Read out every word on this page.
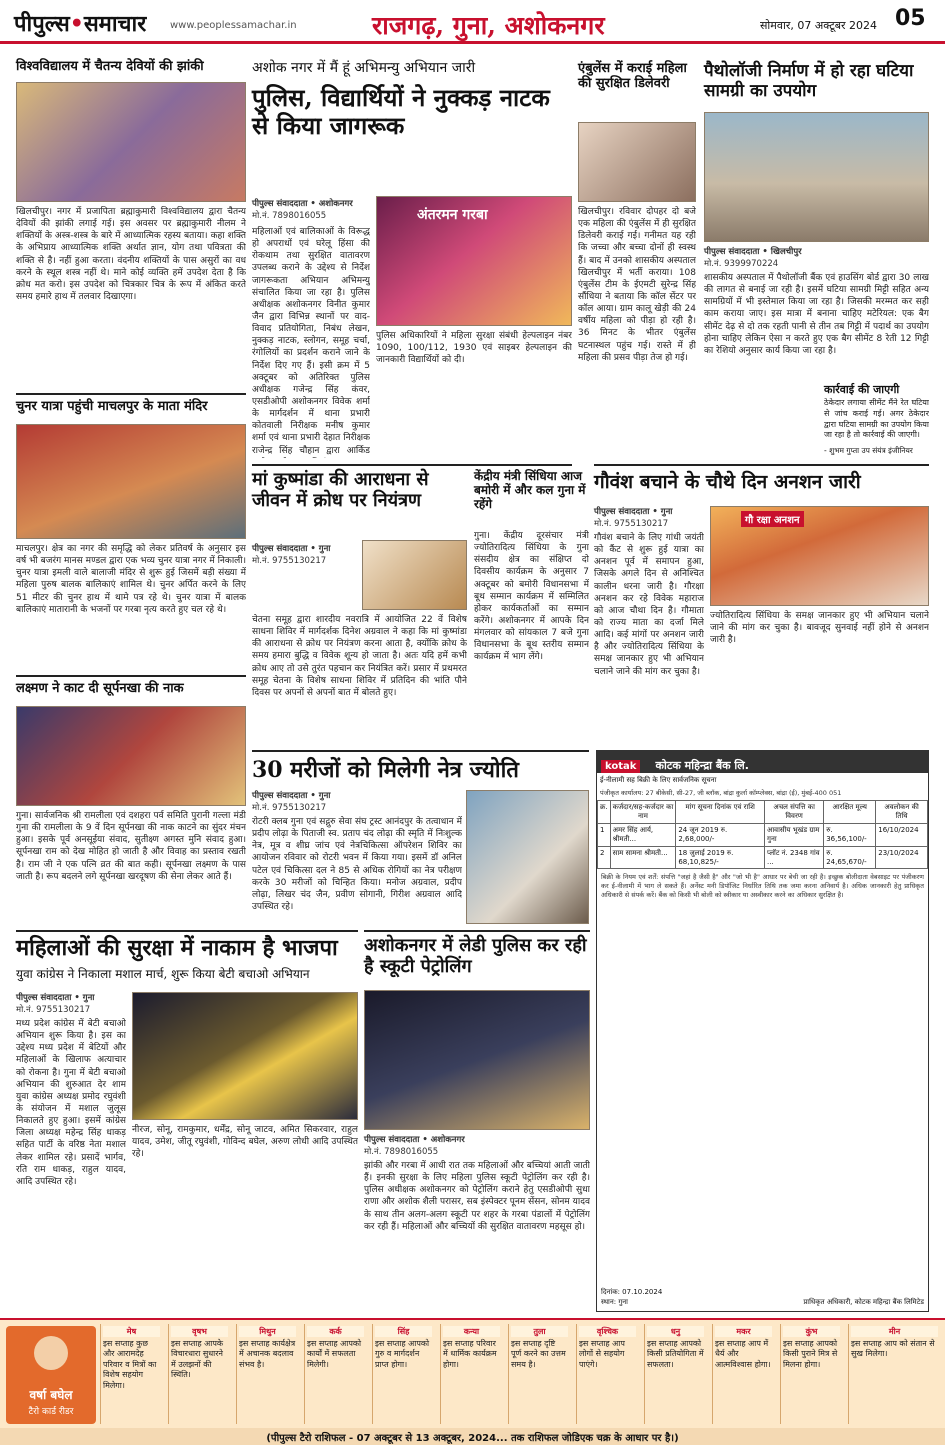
पीपुल्स•समाचार www.peoplessamachar.in	राजगढ़, गुना, अशोकनगर	सोमवार, 07 अक्टूबर 2024 05
विश्वविद्यालय में चैतन्य देवियों की झांकी
खिलचीपुर। नगर में प्रजापिता ब्रह्माकुमारी विश्वविद्यालय द्वारा चैतन्य देवियों की झांकी लगाई गई। इस अवसर पर ब्रह्माकुमारी नीलम ने शक्तियों के अस्त्र-शस्त्र के बारे में आध्यात्मिक रहस्य बताया। कहा शक्ति के अभिप्राय आध्यात्मिक शक्ति अर्थात ज्ञान, योग तथा पवित्रता की शक्ति से है। नहीं हुआ करता। वंदनीय शक्तियों के पास असुरों का वध करने के स्थूल शस्त्र नहीं थे। माने कोई व्यक्ति हमें उपदेश देता है कि क्रोध मत करो। इस उपदेश को चित्रकार चित्र के रूप में अंकित करते समय हमारे हाथ में तलवार दिखाएगा।
चुनर यात्रा पहुंची माचलपुर के माता मंदिर
माचलपुर। क्षेत्र का नगर की समृद्धि को लेकर प्रतिवर्ष के अनुसार इस वर्ष भी बजरंग मानस मण्डल द्वारा एक भव्य चुनर यात्रा नगर में निकाली। चुनर यात्रा इमली वाले बालाजी मंदिर से शुरू हुई जिसमें बड़ी संख्या में महिला पुरुष बालक बालिकाएं शामिल थे। चुनर अर्पित करने के लिए 51 मीटर की चुनर हाथ में थामे पत्र रहे थे। चुनर यात्रा में बालक बालिकाएं मातारानी के भजनों पर गरबा नृत्य करते हुए चल रहे थे।
लक्ष्मण ने काट दी सूर्पनखा की नाक
गुना। सार्वजनिक श्री रामलीला एवं दशहरा पर्व समिति पुरानी गल्ला मंडी गुना की रामलीला के 9 वें दिन सूर्पनखा की नाक काटने का सुंदर मंचन हुआ। इसके पूर्व अनसूईया संवाद, सुतीक्ष्ण अगस्त मुनि संवाद हुआ। सूर्पनखा राम को देख मोहित हो जाती है और विवाह का प्रस्ताव रखती है। राम जी ने एक पत्नि व्रत की बात कही। सूर्पनखा लक्ष्मण के पास जाती है। रूप बदलने लगे सूर्पनखा खरदूषण की सेना लेकर आते हैं।
अशोक नगर में मैं हूं अभिमन्यु अभियान जारी
पुलिस, विद्यार्थियों ने नुक्कड़ नाटक से किया जागरूक
पीपुल्स संवाददाता • अशोकनगर
मो.नं. 7898016055
महिलाओं एवं बालिकाओं के विरूद्ध हो अपराधों एवं घरेलू हिंसा की रोकथाम तथा सुरक्षित वातावरण उपलब्ध कराने के उद्देश्य से निर्देश जागरूकता अभियान अभिमन्यु संचालित किया जा रहा है। पुलिस अधीक्षक अशोकनगर विनीत कुमार जैन द्वारा विभिन्न स्थानों पर वाद-विवाद प्रतियोगिता, निबंध लेखन, नुक्कड़ नाटक, स्लोगन, समूह चर्चा, रंगोलियों का प्रदर्शन कराने जाने के निर्देश दिए गए हैं। इसी क्रम में 5 अक्टूबर को अतिरिक्त पुलिस अधीक्षक गजेन्द्र सिंह कंवर, एसडीओपी अशोकनगर विवेक शर्मा के मार्गदर्शन में थाना प्रभारी कोतवाली निरीक्षक मनीष कुमार शर्मा एवं थाना प्रभारी देहात निरीक्षक राजेन्द्र सिंह चौहान द्वारा आर्किड
अंतरमन गरबा
पुलिस अधिकारियों ने महिला सुरक्षा संबंधी हेल्पलाइन नंबर 1090, 100/112, 1930 एवं साइबर हेल्पलाइन की जानकारी विद्यार्थियों को दी।
एंबुलेंस में कराई महिला की सुरक्षित डिलेवरी
खिलचीपुर। रविवार दोपहर दो बजे एक महिला की एंबुलेंस में ही सुरक्षित डिलेवरी कराई गई। गनीमत यह रही कि जच्चा और बच्चा दोनों ही स्वस्थ हैं। बाद में उनको शासकीय अस्पताल खिलचीपुर में भर्ती कराया। 108 एंबुलेंस टीम के ईएमटी सुरेन्द्र सिंह सौंधिया ने बताया कि कॉल सेंटर पर कॉल आया। ग्राम कालू खेड़ी की 24 वर्षीय महिला को पीड़ा हो रही है। 36 मिनट के भीतर एंबुलेंस घटनास्थल पहुंच गई। रास्ते में ही महिला की प्रसव पीड़ा तेज हो गई।
पैथोलॉजी निर्माण में हो रहा घटिया सामग्री का उपयोग
पीपुल्स संवाददाता • खिलचीपुर
मो.नं. 9399970224
शासकीय अस्पताल में पैथोलॉजी बैंक एवं हाउसिंग बोर्ड द्वारा 30 लाख की लागत से बनाई जा रही है। इसमें घटिया सामग्री मिट्टी सहित अन्य सामग्रियों में भी इस्तेमाल किया जा रहा है। जिसकी मरम्मत कर सही काम कराया जाए। इस मात्रा में बनाना चाहिए मटेरियल: एक बैग सीमेंट देढ़ से दो तक रहती पानी से तीन तब गिट्टी में पदार्थ का उपयोग होना चाहिए लेकिन ऐसा न करते हुए एक बैग सीमेंट 8 रेती 12 गिट्टी का रेशियो अनुसार कार्य किया जा रहा है।
कार्रवाई की जाएगी
ठेकेदार लगाया सीमेंट मैंने रेत घटिया से जांच कराई गई। अगर ठेकेदार द्वारा घटिया सामग्री का उपयोग किया जा रहा है तो कार्रवाई की जाएगी।
- शुभम गुप्ता उप संयंत्र इंजीनियर
मां कुष्मांडा की आराधना से जीवन में क्रोध पर नियंत्रण
पीपुल्स संवाददाता • गुना
मो.नं. 9755130217
चेतना समूह द्वारा शारदीय नवरात्रि में आयोजित 22 वें विशेष साधना शिविर में मार्गदर्शक दिनेश अग्रवाल ने कहा कि मां कुष्मांडा की आराधना से क्रोध पर नियंत्रण करना आता है, क्योंकि क्रोध के समय हमारा बुद्धि व विवेक शून्य हो जाता है। अतः यदि हमें कभी क्रोध आए तो उसे तुरंत पहचान कर नियंत्रित करें। प्रसार में प्रथमरत समूह चेतना के विशेष साधना शिविर में प्रतिदिन की भांति पौने दिवस पर अपनों से अपनों बात में बोलते हुए।
केंद्रीय मंत्री सिंधिया आज बमोरी में और कल गुना में रहेंगे
गुना। केंद्रीय दूरसंचार मंत्री ज्योतिरादित्य सिंधिया के गुना संसदीय क्षेत्र का संक्षिप्त दो दिवसीय कार्यक्रम के अनुसार 7 अक्टूबर को बमोरी विधानसभा में बूथ सम्मान कार्यक्रम में सम्मिलित होकर कार्यकर्ताओं का सम्मान करेंगे। अशोकनगर में आपके दिन मंगलवार को सांयकाल 7 बजे गुना विधानसभा के बूथ स्तरीय सम्मान कार्यक्रम में भाग लेंगे।
गौवंश बचाने के चौथे दिन अनशन जारी
पीपुल्स संवाददाता • गुना
मो.नं. 9755130217	गौ रक्षा अनशन
गौवंश बचाने के लिए गांधी जयंती को कैंट से शुरू हुई यात्रा का अनशन पूर्व में समापन हुआ, जिसके अगले दिन से अनिश्चित कालीन धरना जारी है। गौरक्षा अनशन कर रहे विवेक महाराज को आज चौथा दिन है। गौमाता को राज्य माता का दर्जा मिले आदि। कई मांगों पर अनशन जारी है और ज्योतिरादित्य सिंधिया के समक्ष जानकार हुए भी अभियान चलाने जाने की मांग कर चुका है।
ज्योतिरादित्य सिंधिया के समक्ष जानकार हुए भी अभियान चलाने जाने की मांग कर चुका है। बावजूद सुनवाई नहीं होने से अनशन जारी है।
30 मरीजों को मिलेगी नेत्र ज्योति
पीपुल्स संवाददाता • गुना
मो.नं. 9755130217
रोटरी क्लब गुना एवं सद्गुरु सेवा संघ ट्रस्ट आनंदपुर के तत्वाधान में प्रदीप लोढ़ा के पिताजी स्व. प्रताप चंद लोढ़ा की स्मृति में निःशुल्क नेत्र, मूत्र व शीघ्र जांच एवं नेत्रचिकित्सा ऑपरेशन शिविर का आयोजन रविवार को रोटरी भवन में किया गया। इसमें डॉ अनिल पटेल एवं चिकित्सा दल ने 85 से अधिक रोगियों का नेत्र परीक्षण करके 30 मरीजों को चिन्हित किया। मनोज अग्रवाल, प्रदीप लोढ़ा, लिखर चंद जैन, प्रवीण सोगानी, गिरीश अग्रवाल आदि उपस्थित रहे।
kotak कोटक महिन्द्रा बैंक लि.
ई-नीलामी सह बिक्री के लिए सार्वजनिक सूचना
पंजीकृत कार्यालय: 27 बीकेसी, सी-27, जी ब्लॉक, बांद्रा कुर्ला कॉम्प्लेक्स, बांद्रा (ई), मुंबई-400 051
क्र.	कर्जदार/सह-कर्जदार का नाम	मांग सूचना दिनांक एवं राशि	अचल संपत्ति का विवरण	आरक्षित मूल्य	अवलोकन की तिथि
1	अमर सिंह आर्य, श्रीमती...	24 जून 2019 रु. 2,68,000/-	आवासीय भूखंड ग्राम गुना	रु. 36,56,100/-	16/10/2024
2	साम सामना श्रीमती...	18 जुलाई 2019 रु. 68,10,825/-	प्लॉट नं. 2348 गांव ...	रु. 24,65,670/-	23/10/2024
बिक्री के नियम एवं शर्तें: संपत्ति "जहां है जैसी है" और "जो भी है" आधार पर बेची जा रही है। इच्छुक बोलीदाता वेबसाइट पर पंजीकरण कर ई-नीलामी में भाग ले सकते हैं। अर्नेस्ट मनी डिपॉजिट निर्धारित तिथि तक जमा करना अनिवार्य है। अधिक जानकारी हेतु प्राधिकृत अधिकारी से संपर्क करें। बैंक को किसी भी बोली को स्वीकार या अस्वीकार करने का अधिकार सुरक्षित है।
स्थान: गुना
दिनांक: 07.10.2024
प्राधिकृत अधिकारी, कोटक महिन्द्रा बैंक लिमिटेड
महिलाओं की सुरक्षा में नाकाम है भाजपा
युवा कांग्रेस ने निकाला मशाल मार्च, शुरू किया बेटी बचाओ अभियान
पीपुल्स संवाददाता • गुना
मो.नं. 9755130217
मध्य प्रदेश कांग्रेस में बेटी बचाओ अभियान शुरू किया है। इस का उद्देश्य मध्य प्रदेश में बेटियों और महिलाओं के खिलाफ अत्याचार को रोकना है। गुना में बेटी बचाओ अभियान की शुरुआत देर शाम युवा कांग्रेस अध्यक्ष प्रमोद रघुवंशी के संयोजन में मशाल जुलूस निकालते हुए हुआ। इसमें कांग्रेस जिला अध्यक्ष महेन्द्र सिंह धाकड़ सहित पार्टी के वरिष्ठ नेता मशाल लेकर शामिल रहे। प्रसादें भार्गव, रति राम धाकड़, राहुल यादव, आदि उपस्थित रहे।
नीरज, सोनू, रामकुमार, धर्मेंद्र, सोनू जाटव, अमित सिकरवार, राहुल यादव, उमेश, जीतू रघुवंशी, गोविन्द बघेल, अरुण लोधी आदि उपस्थित रहे।
अशोकनगर में लेडी पुलिस कर रही है स्कूटी पेट्रोलिंग
पीपुल्स संवाददाता • अशोकनगर
मो.नं. 7898016055
झांकी और गरबा में आधी रात तक महिलाओं और बच्चियां आती जाती हैं। इनकी सुरक्षा के लिए महिला पुलिस स्कूटी पेट्रोलिंग कर रही है। पुलिस अधीक्षक अशोकनगर को पेट्रोलिंग कराने हेतु एसडीओपी सुधा राणा और अशोक शैली परासर, सब इंस्पेक्टर पूनम सेंसन, सोनम यादव के साथ तीन अलग-अलग स्कूटी पर शहर के गरबा पंडालों में पेट्रोलिंग कर रही हैं। महिलाओं और बच्चियों की सुरक्षित वातावरण महसूस हो।
वर्षा बघेल
टैरो कार्ड रीडर
मेष
इस सप्ताह कुछ और आरामदेह परिवार व मित्रों का विशेष सहयोग मिलेगा।
वृषभ
इस सप्ताह आपके विचारधारा सुधारने में उलझनों की स्थिति।
मिथुन
इस सप्ताह कार्यक्षेत्र में अचानक बदलाव संभव है।
कर्क
इस सप्ताह आपको कार्यों में सफलता मिलेगी।
सिंह
इस सप्ताह आपको गुरु व मार्गदर्शन प्राप्त होगा।
कन्या
इस सप्ताह परिवार में धार्मिक कार्यक्रम होगा।
तुला
इस सप्ताह दृष्टि पूर्ण करने का उत्तम समय है।
वृश्चिक
इस सप्ताह आप लोगों से सहयोग पाएंगे।
धनु
इस सप्ताह आपको किसी प्रतियोगिता में सफलता।
मकर
इस सप्ताह आप में धैर्य और आत्मविश्वास होगा।
कुंभ
इस सप्ताह आपको किसी पुराने मित्र से मिलना होगा।
मीन
इस सप्ताह आप को संतान से सुख मिलेगा।
(पीपुल्स टैरो राशिफल - 07 अक्टूबर से 13 अक्टूबर, 2024... तक राशिफल जोडिएक चक्र के आधार पर है।)
